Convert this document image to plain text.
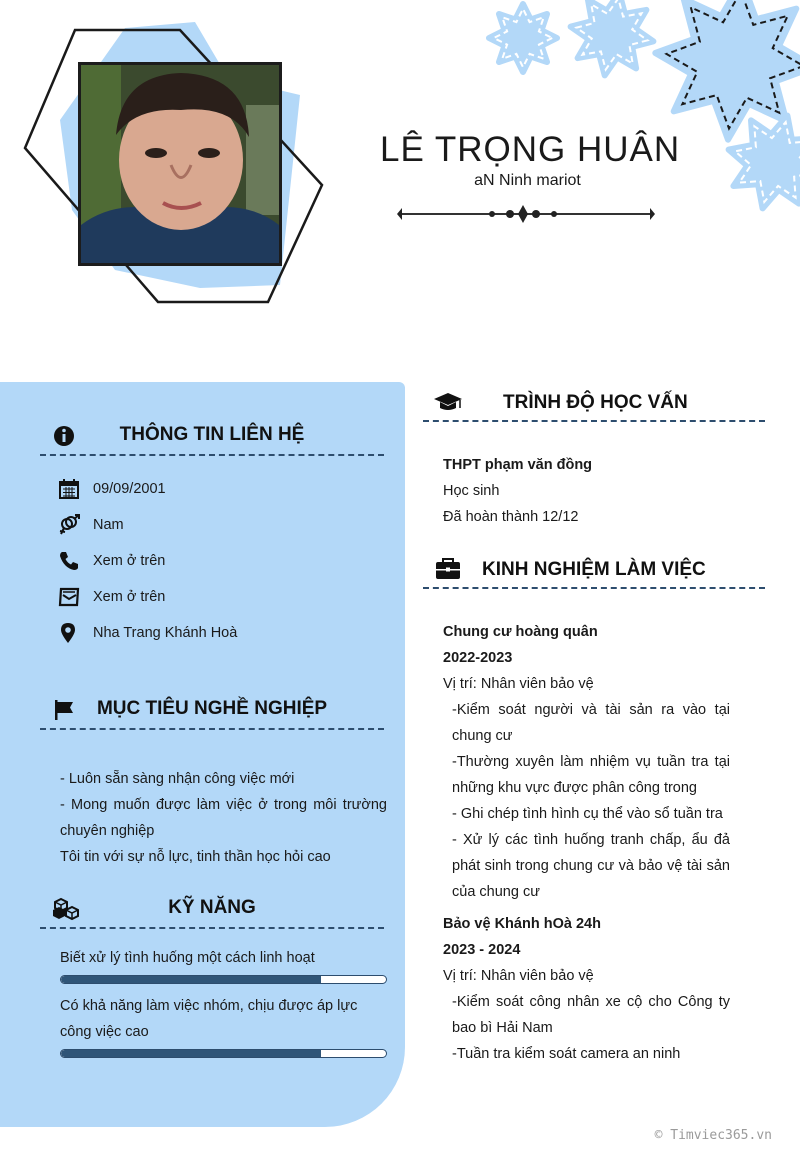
LÊ TRỌNG HUÂN
aN Ninh mariot
THÔNG TIN LIÊN HỆ
09/09/2001
Nam
Xem ở trên
Xem ở trên
Nha Trang Khánh Hoà
MỤC TIÊU NGHỀ NGHIỆP

- Luôn sẵn sàng nhận công việc mới

- Mong muốn được làm việc ở trong môi trường chuyên nghiệp

Tôi tin với sự nỗ lực, tinh thần học hỏi cao

KỸ NĂNG
Biết xử lý tình huống một cách linh hoạt
Có khả năng làm việc nhóm, chịu được áp lực công việc cao
TRÌNH ĐỘ HỌC VẤN
THPT phạm văn đồng
Học sinh
Đã hoàn thành 12/12
KINH NGHIỆM LÀM VIỆC
Chung cư hoàng quân
2022-2023
Vị trí: Nhân viên bảo vệ
-Kiểm soát người và tài sản ra vào tại chung cư
-Thường xuyên làm nhiệm vụ tuần tra tại những khu vực được phân công trong
- Ghi chép tình hình cụ thể vào sổ tuần tra
- Xử lý các tình huống tranh chấp, ẩu đả phát sinh trong chung cư và bảo vệ tài sản của chung cư
Bảo vệ Khánh hOà 24h
2023 - 2024
Vị trí: Nhân viên bảo vệ
-Kiểm soát công nhân xe cộ cho Công ty bao bì Hải Nam
-Tuần tra kiểm soát camera an ninh
© Timviec365.vn
